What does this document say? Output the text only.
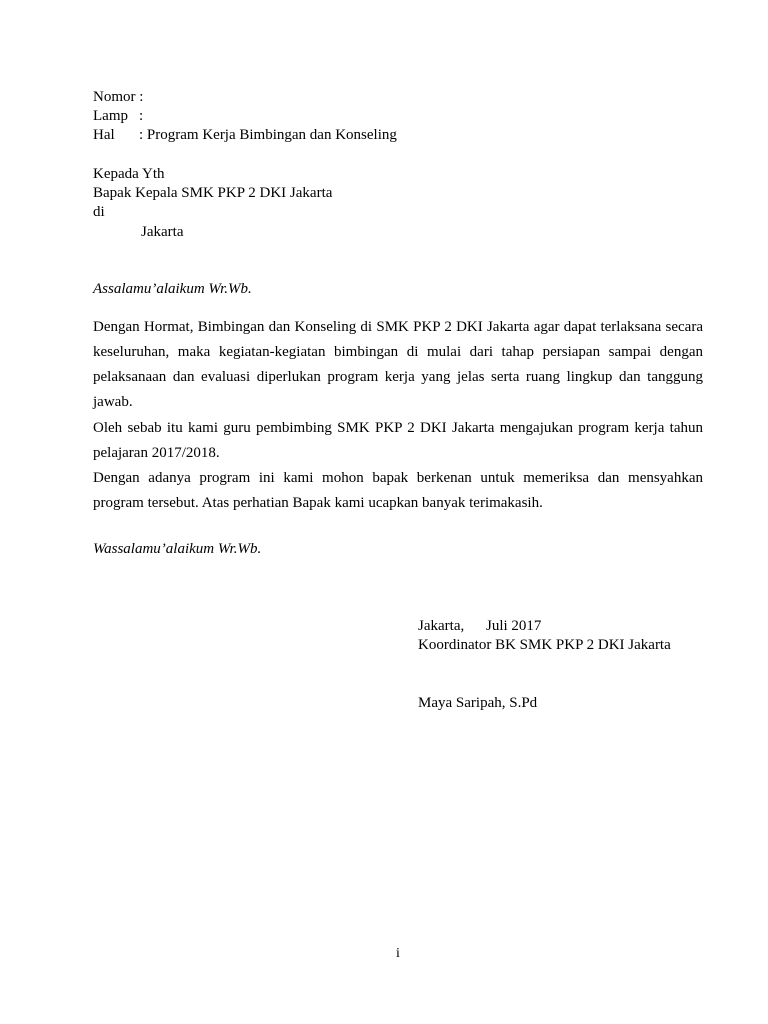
Nomor :
Lamp :
Hal : Program Kerja Bimbingan dan Konseling
Kepada Yth
Bapak Kepala SMK PKP 2 DKI Jakarta
di
Jakarta
Assalamu’alaikum Wr.Wb.

Dengan Hormat, Bimbingan dan Konseling di SMK PKP 2 DKI Jakarta agar dapat terlaksana secara keseluruhan, maka kegiatan-kegiatan bimbingan di mulai dari tahap persiapan sampai dengan pelaksanaan dan evaluasi diperlukan program kerja yang jelas serta ruang lingkup dan tanggung jawab.

Oleh sebab itu kami guru pembimbing SMK PKP 2 DKI Jakarta mengajukan program kerja tahun pelajaran 2017/2018.

Dengan adanya program ini kami mohon bapak berkenan untuk memeriksa dan mensyahkan program tersebut. Atas perhatian Bapak kami ucapkan banyak terimakasih.

Wassalamu’alaikum Wr.Wb.
Jakarta, Juli 2017
Koordinator BK SMK PKP 2 DKI Jakarta
Maya Saripah, S.Pd
i
